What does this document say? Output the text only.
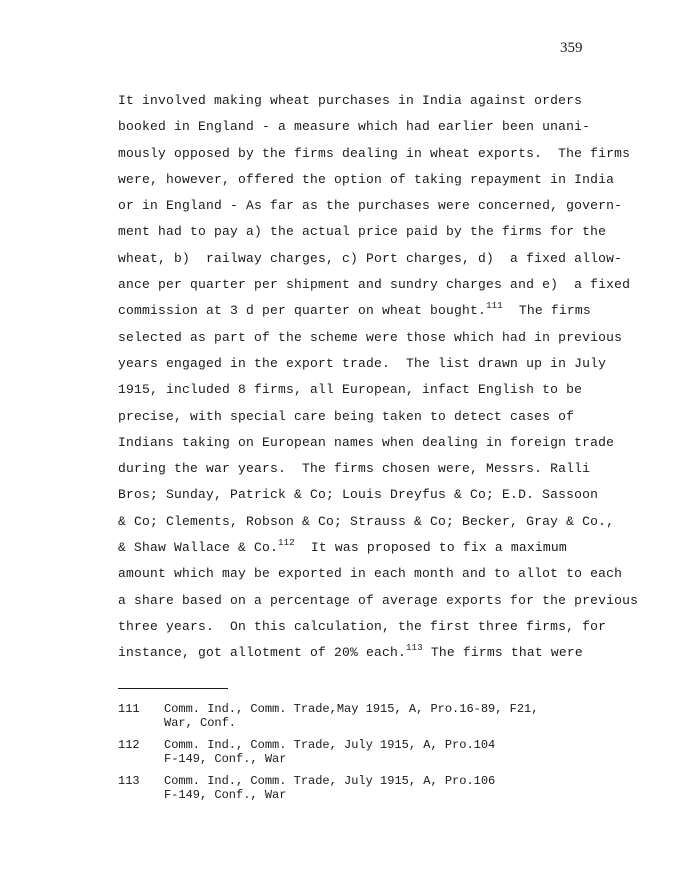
359
It involved making wheat purchases in India against orders
booked in England - a measure which had earlier been unani-
mously opposed by the firms dealing in wheat exports.  The firms
were, however, offered the option of taking repayment in India
or in England - As far as the purchases were concerned, govern-
ment had to pay a) the actual price paid by the firms for the
wheat, b)  railway charges, c) Port charges, d)  a fixed allow-
ance per quarter per shipment and sundry charges and e)  a fixed
commission at 3 d per quarter on wheat bought.$^{111}$  The firms
selected as part of the scheme were those which had in previous
years engaged in the export trade.  The list drawn up in July
1915, included 8 firms, all European, infact English to be
precise, with special care being taken to detect cases of
Indians taking on European names when dealing in foreign trade
during the war years.  The firms chosen were, Messrs. Ralli
Bros; Sunday, Patrick & Co; Louis Dreyfus & Co; E.D. Sassoon
& Co; Clements, Robson & Co; Strauss & Co; Becker, Gray & Co.,
& Shaw Wallace & Co.$^{112}$  It was proposed to fix a maximum
amount which may be exported in each month and to allot to each
a share based on a percentage of average exports for the previous
three years.  On this calculation, the first three firms, for
instance, got allotment of 20% each.$^{113}$ The firms that were
111	Comm. Ind., Comm. Trade,May 1915, A, Pro.16-89, F21,
War, Conf.
112	Comm. Ind., Comm. Trade, July 1915, A, Pro.104
F-149, Conf., War
113	Comm. Ind., Comm. Trade, July 1915, A, Pro.106
F-149, Conf., War
